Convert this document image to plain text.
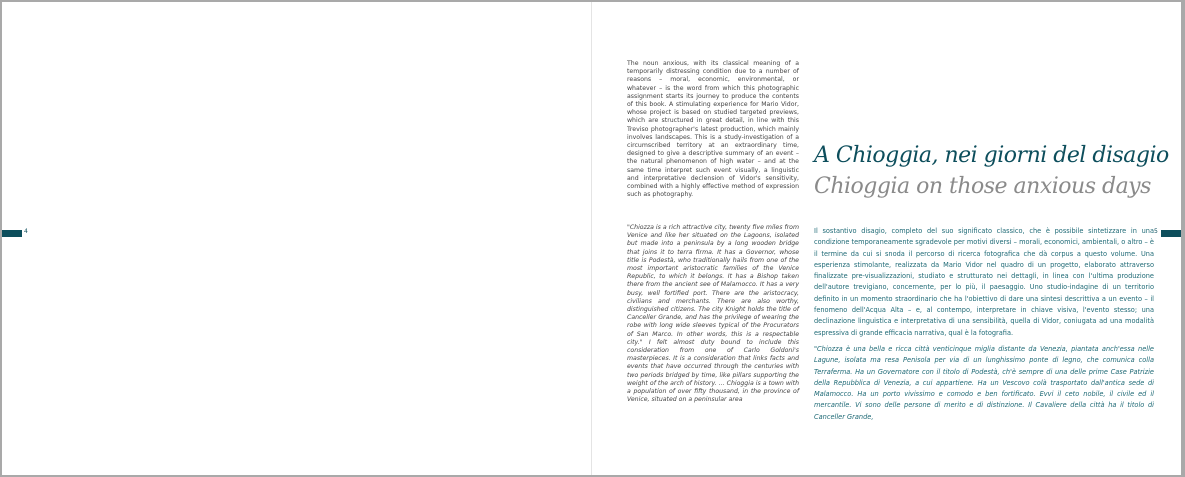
4	5

The noun anxious, with its classical meaning of a temporarily distressing condition due to a number of reasons – moral, economic, environmental, or whatever – is the word from which this photographic assignment starts its journey to produce the contents of this book. A stimulating experience for Mario Vidor, whose project is based on studied targeted previews, which are structured in great detail, in line with this Treviso photographer's latest production, which mainly involves landscapes. This is a study-investigation of a circumscribed territory at an extraordinary time, designed to give a descriptive summary of an event – the natural phenomenon of high water – and at the same time interpret such event visually, a linguistic and interpretative declension of Vidor's sensitivity, combined with a highly effective method of expression such as photography.

"Chiozza is a rich attractive city, twenty five miles from Venice and like her situated on the Lagoons, isolated but made into a peninsula by a long wooden bridge that joins it to terra firma. It has a Governor, whose title is Podestà, who traditionally hails from one of the most important aristocratic families of the Venice Republic, to which it belongs. It has a Bishop taken there from the ancient see of Malamocco. It has a very busy, well fortified port. There are the aristocracy, civilians and merchants. There are also worthy, distinguished citizens. The city Knight holds the title of Canceller Grande, and has the privilege of wearing the robe with long wide sleeves typical of the Procurators of San Marco. In other words, this is a respectable city." I felt almost duty bound to include this consideration from one of Carlo Goldoni's masterpieces. It is a consideration that links facts and events that have occurred through the centuries with two periods bridged by time, like pillars supporting the weight of the arch of history. ... Chioggia is a town with a population of over fifty thousand, in the province of Venice, situated on a peninsular area

A Chioggia, nei giorni del disagio
Chioggia on those anxious days

Il sostantivo disagio, completo del suo significato classico, che è possibile sintetizzare in una condizione temporaneamente sgradevole per motivi diversi – morali, economici, ambientali, o altro – è il termine da cui si snoda il percorso di ricerca fotografica che dà corpus a questo volume. Una esperienza stimolante, realizzata da Mario Vidor nel quadro di un progetto, elaborato attraverso finalizzate pre-visualizzazioni, studiato e strutturato nei dettagli, in linea con l'ultima produzione dell'autore trevigiano, concernente, per lo più, il paesaggio. Uno studio-indagine di un territorio definito in un momento straordinario che ha l'obiettivo di dare una sintesi descrittiva a un evento – il fenomeno dell'Acqua Alta – e, al contempo, interpretare in chiave visiva, l'evento stesso; una declinazione linguistica e interpretativa di una sensibilità, quella di Vidor, coniugata ad una modalità espressiva di grande efficacia narrativa, qual è la fotografia.

"Chiozza è una bella e ricca città venticinque miglia distante da Venezia, piantata anch'essa nelle Lagune, isolata ma resa Penisola per via di un lunghissimo ponte di legno, che comunica colla Terraferma. Ha un Governatore con il titolo di Podestà, ch'è sempre di una delle prime Case Patrizie della Repubblica di Venezia, a cui appartiene. Ha un Vescovo colà trasportato dall'antica sede di Malamocco. Ha un porto vivissimo e comodo e ben fortificato. Evvi il ceto nobile, il civile ed il mercantile. Vi sono delle persone di merito e di distinzione. Il Cavaliere della città ha il titolo di Canceller Grande,
